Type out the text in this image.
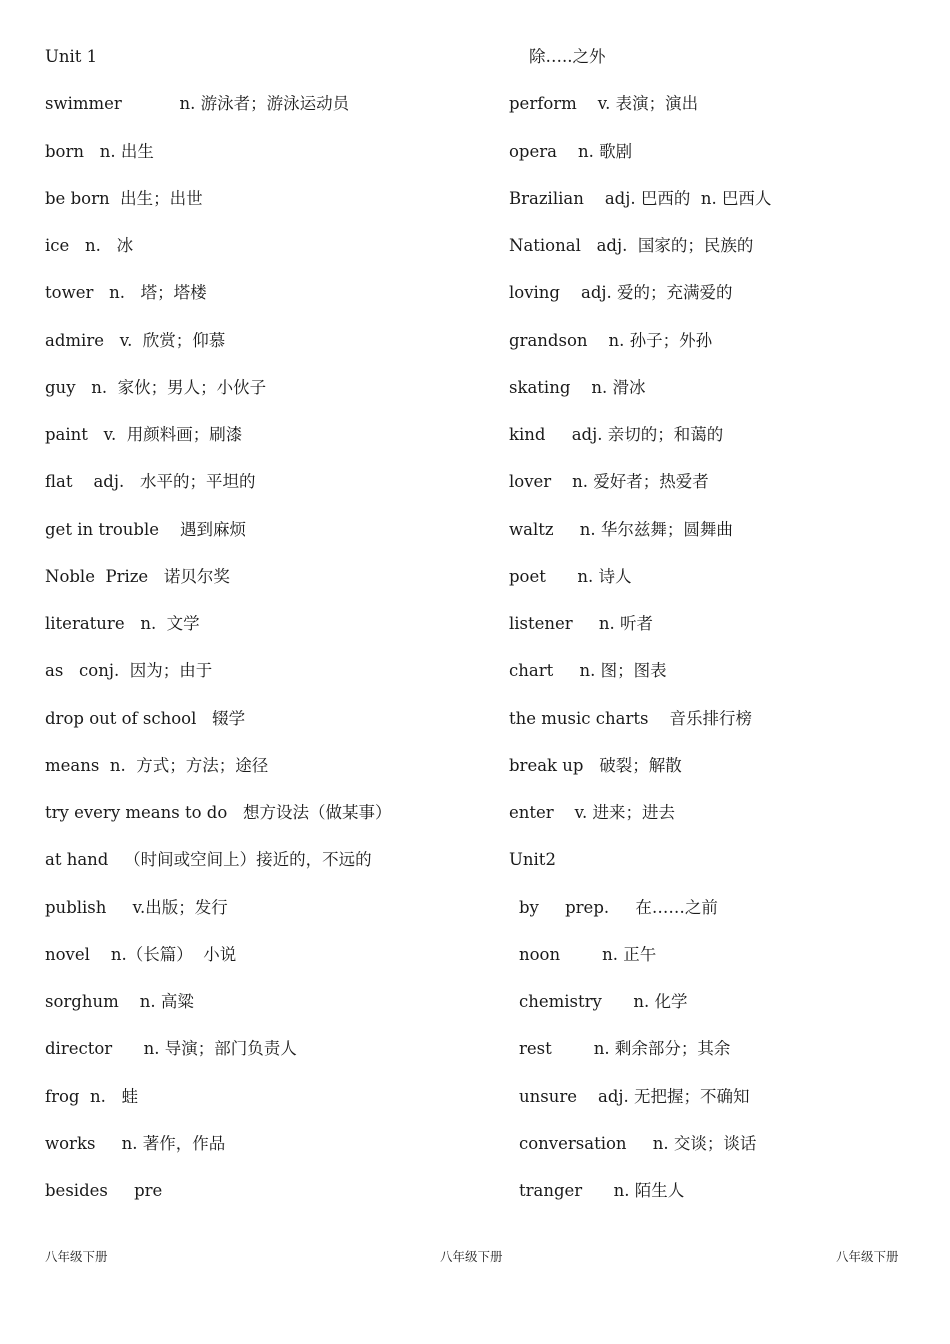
Unit 1
swimmer           n. 游泳者；游泳运动员
born   n. 出生
be born  出生；出世
ice   n.   冰
tower   n.   塔；塔楼
admire   v.  欣赏；仰慕
guy   n.  家伙；男人；小伙子
paint   v.  用颜料画；刷漆
flat    adj.   水平的；平坦的
get in trouble    遇到麻烦
Noble  Prize   诺贝尔奖
literature   n.  文学
as   conj.  因为；由于
drop out of school   辍学
means  n.  方式；方法；途径
try every means to do   想方设法（做某事）
at hand   （时间或空间上）接近的，不远的
publish     v.出版；发行
novel    n.（长篇）  小说
sorghum    n. 高粱
director      n. 导演；部门负责人
frog  n.   蛙
works     n. 著作，作品
besides     pre
除…..之外
perform    v. 表演；演出
opera    n. 歌剧
Brazilian    adj. 巴西的  n. 巴西人
National   adj.  国家的；民族的
loving    adj. 爱的；充满爱的
grandson    n. 孙子；外孙
skating    n. 滑冰
kind     adj. 亲切的；和蔼的
lover    n. 爱好者；热爱者
waltz     n. 华尔兹舞；圆舞曲
poet      n. 诗人
listener     n. 听者
chart     n. 图；图表
the music charts    音乐排行榜
break up   破裂；解散
enter    v. 进来；进去
Unit2
by     prep.     在……之前
noon        n. 正午
chemistry      n. 化学
rest        n. 剩余部分；其余
unsure    adj. 无把握；不确知
conversation     n. 交谈；谈话
tranger      n. 陌生人
八年级下册	八年级下册	八年级下册
